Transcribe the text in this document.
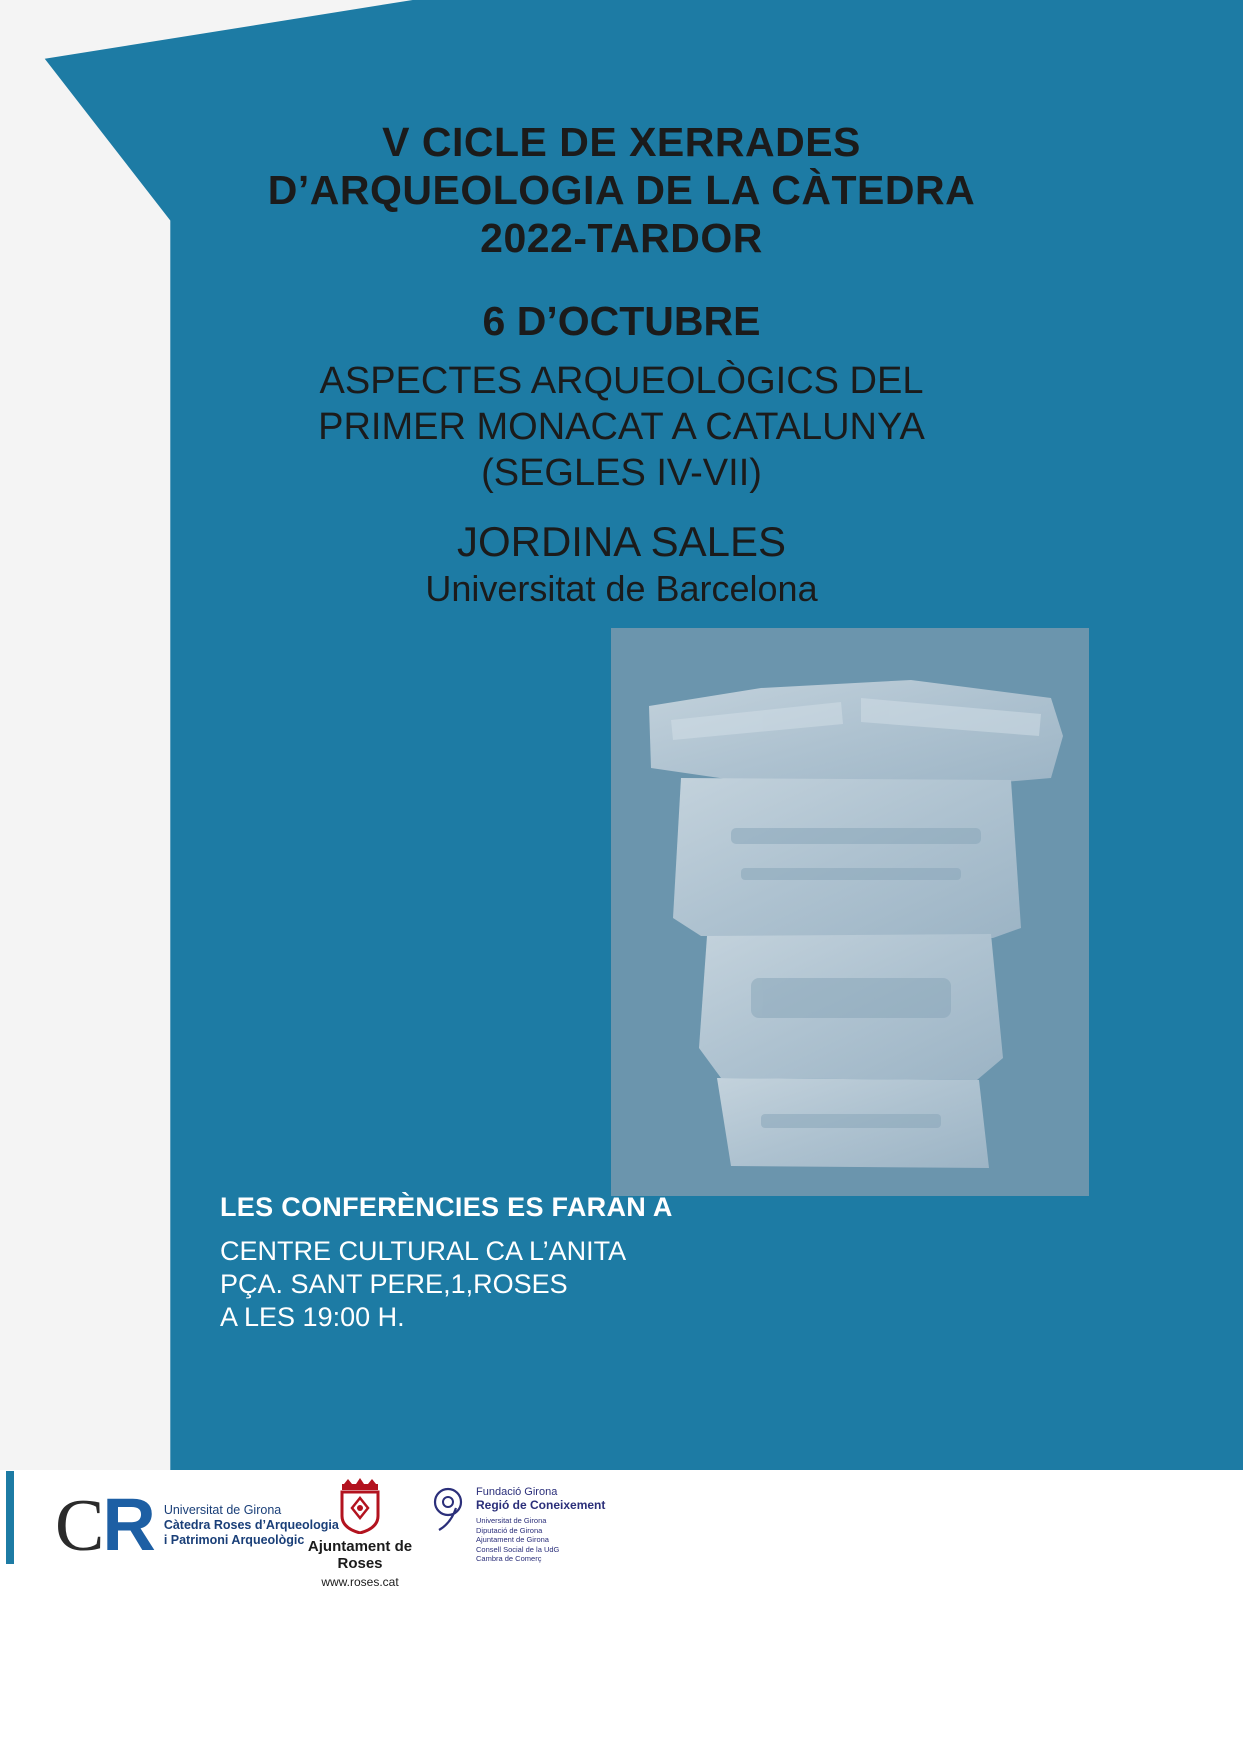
V CICLE DE XERRADES
D’ARQUEOLOGIA DE LA CÀTEDRA
2022-TARDOR
6 D’OCTUBRE
ASPECTES ARQUEOLÒGICS DEL
PRIMER MONACAT A CATALUNYA
(SEGLES IV-VII)
JORDINA SALES
Universitat de Barcelona
LES CONFERÈNCIES ES FARAN A
CENTRE CULTURAL CA L’ANITA
PÇA. SANT PERE,1,ROSES
A LES 19:00 H.
CR Universitat de Girona
Càtedra Roses d’Arqueologia
i Patrimoni Arqueològic Ajuntament de Roses
www.roses.cat
Fundació Girona
Regió de Coneixement
Universitat de Girona
Diputació de Girona
Ajuntament de Girona
Consell Social de la UdG
Cambra de Comerç
